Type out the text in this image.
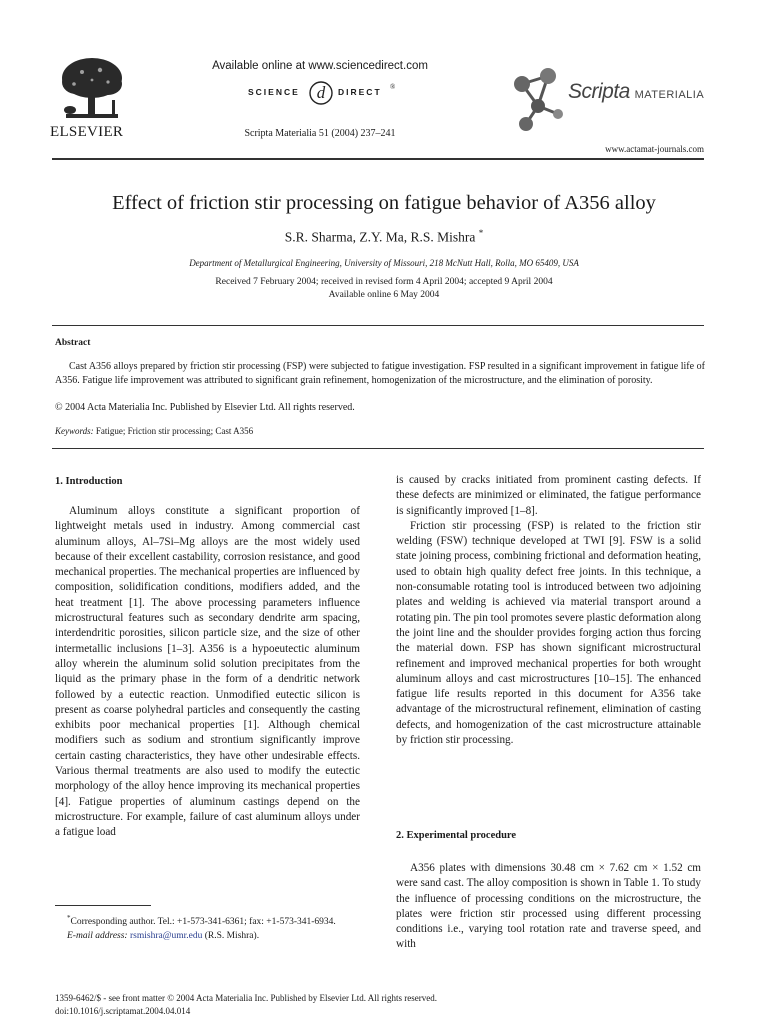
ELSEVIER
Available online at www.sciencedirect.com
SCIENCE d DIRECT ®
Scripta Materialia 51 (2004) 237–241
Scripta MATERIALIA
www.actamat-journals.com
Effect of friction stir processing on fatigue behavior of A356 alloy
S.R. Sharma, Z.Y. Ma, R.S. Mishra *
Department of Metallurgical Engineering, University of Missouri, 218 McNutt Hall, Rolla, MO 65409, USA
Received 7 February 2004; received in revised form 4 April 2004; accepted 9 April 2004
Available online 6 May 2004
Abstract
Cast A356 alloys prepared by friction stir processing (FSP) were subjected to fatigue investigation. FSP resulted in a significant improvement in fatigue life of A356. Fatigue life improvement was attributed to significant grain refinement, homogenization of the microstructure, and the elimination of porosity.
© 2004 Acta Materialia Inc. Published by Elsevier Ltd. All rights reserved.
Keywords: Fatigue; Friction stir processing; Cast A356
1. Introduction

Aluminum alloys constitute a significant proportion of lightweight metals used in industry. Among commercial cast aluminum alloys, Al–7Si–Mg alloys are the most widely used because of their excellent castability, corrosion resistance, and good mechanical properties. The mechanical properties are influenced by composition, solidification conditions, modifiers added, and the heat treatment [1]. The above processing parameters influence microstructural features such as secondary dendrite arm spacing, interdendritic porosities, silicon particle size, and the size of other intermetallic inclusions [1–3]. A356 is a hypoeutectic aluminum alloy wherein the aluminum solid solution precipitates from the liquid as the primary phase in the form of a dendritic network followed by a eutectic reaction. Unmodified eutectic silicon is present as coarse polyhedral particles and consequently the casting exhibits poor mechanical properties [1]. Although chemical modifiers such as sodium and strontium significantly improve certain casting characteristics, they have other undesirable effects. Various thermal treatments are also used to modify the eutectic morphology of the alloy hence improving its mechanical properties [4]. Fatigue properties of aluminum castings depend on the microstructure. For example, failure of cast aluminum alloys under a fatigue load

*Corresponding author. Tel.: +1-573-341-6361; fax: +1-573-341-6934.
E-mail address: rsmishra@umr.edu (R.S. Mishra).

is caused by cracks initiated from prominent casting defects. If these defects are minimized or eliminated, the fatigue performance is significantly improved [1–8].

Friction stir processing (FSP) is related to the friction stir welding (FSW) technique developed at TWI [9]. FSW is a solid state joining process, combining frictional and deformation heating, used to obtain high quality defect free joints. In this technique, a non-consumable rotating tool is introduced between two adjoining plates and welding is achieved via material transport around a rotating pin. The pin tool promotes severe plastic deformation along the joint line and the shoulder provides forging action thus forcing the material down. FSP has shown significant microstructural refinement and improved mechanical properties for both wrought aluminum alloys and cast microstructures [10–15]. The enhanced fatigue life results reported in this document for A356 take advantage of the microstructural refinement, elimination of casting defects, and homogenization of the cast microstructure attainable by friction stir processing.

2. Experimental procedure

A356 plates with dimensions 30.48 cm × 7.62 cm × 1.52 cm were sand cast. The alloy composition is shown in Table 1. To study the influence of processing conditions on the microstructure, the plates were friction stir processed using different processing conditions i.e., varying tool rotation rate and traverse speed, and with

1359-6462/$ - see front matter © 2004 Acta Materialia Inc. Published by Elsevier Ltd. All rights reserved.
doi:10.1016/j.scriptamat.2004.04.014
